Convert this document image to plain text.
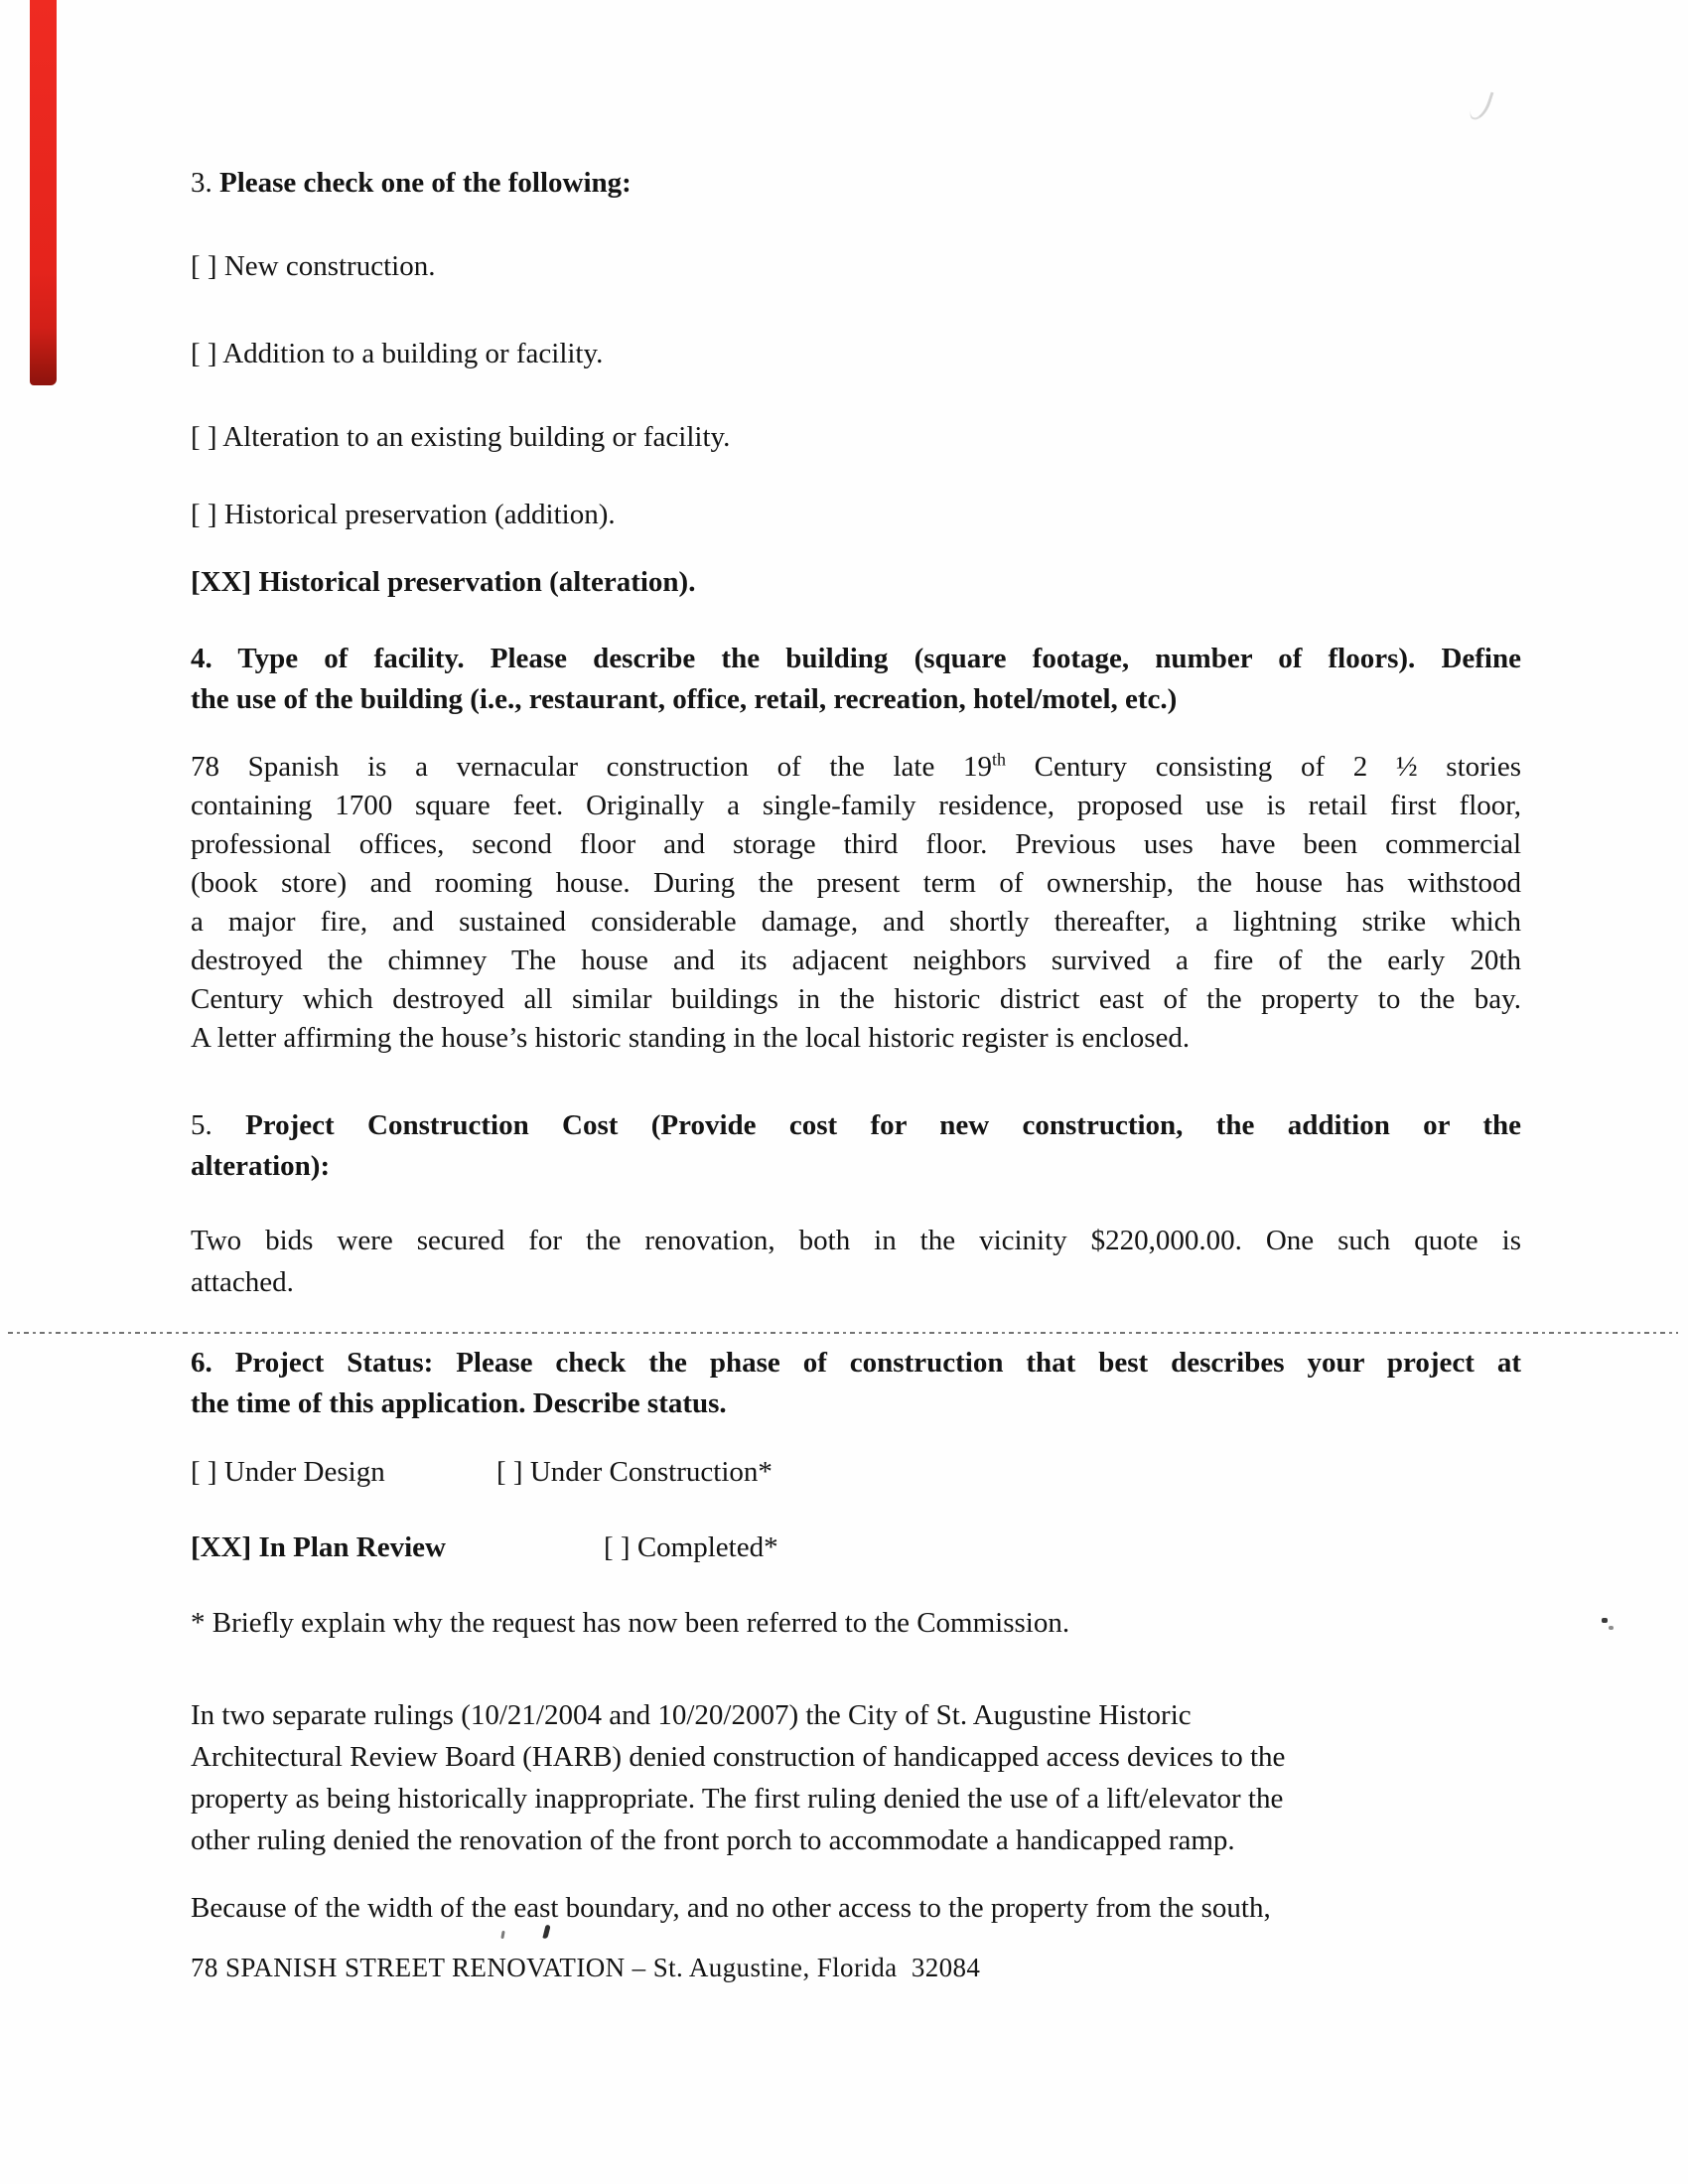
3. Please check one of the following:
[ ] New construction.
[ ] Addition to a building or facility.
[ ] Alteration to an existing building or facility.
[ ] Historical preservation (addition).
[XX] Historical preservation (alteration).
4. Type of facility. Please describe the building (square footage, number of floors). Define
the use of the building (i.e., restaurant, office, retail, recreation, hotel/motel, etc.)
78 Spanish is a vernacular construction of the late 19th Century consisting of 2 ½ stories
containing 1700 square feet. Originally a single-family residence, proposed use is retail first floor,
professional offices, second floor and storage third floor. Previous uses have been commercial
(book store) and rooming house. During the present term of ownership, the house has withstood
a major fire, and sustained considerable damage, and shortly thereafter, a lightning strike which
destroyed the chimney The house and its adjacent neighbors survived a fire of the early 20th
Century which destroyed all similar buildings in the historic district east of the property to the bay.
A letter affirming the house’s historic standing in the local historic register is enclosed.
5. Project Construction Cost (Provide cost for new construction, the addition or the
alteration):
Two bids were secured for the renovation, both in the vicinity $220,000.00. One such quote is
attached.
6. Project Status: Please check the phase of construction that best describes your project at
the time of this application. Describe status.
[ ] Under Design	[ ] Under Construction*
[XX] In Plan Review	[ ] Completed*
* Briefly explain why the request has now been referred to the Commission.
In two separate rulings (10/21/2004 and 10/20/2007) the City of St. Augustine Historic
Architectural Review Board (HARB) denied construction of handicapped access devices to the
property as being historically inappropriate. The first ruling denied the use of a lift/elevator the
other ruling denied the renovation of the front porch to accommodate a handicapped ramp.
Because of the width of the east boundary, and no other access to the property from the south,
78 SPANISH STREET RENOVATION – St. Augustine, Florida  32084
